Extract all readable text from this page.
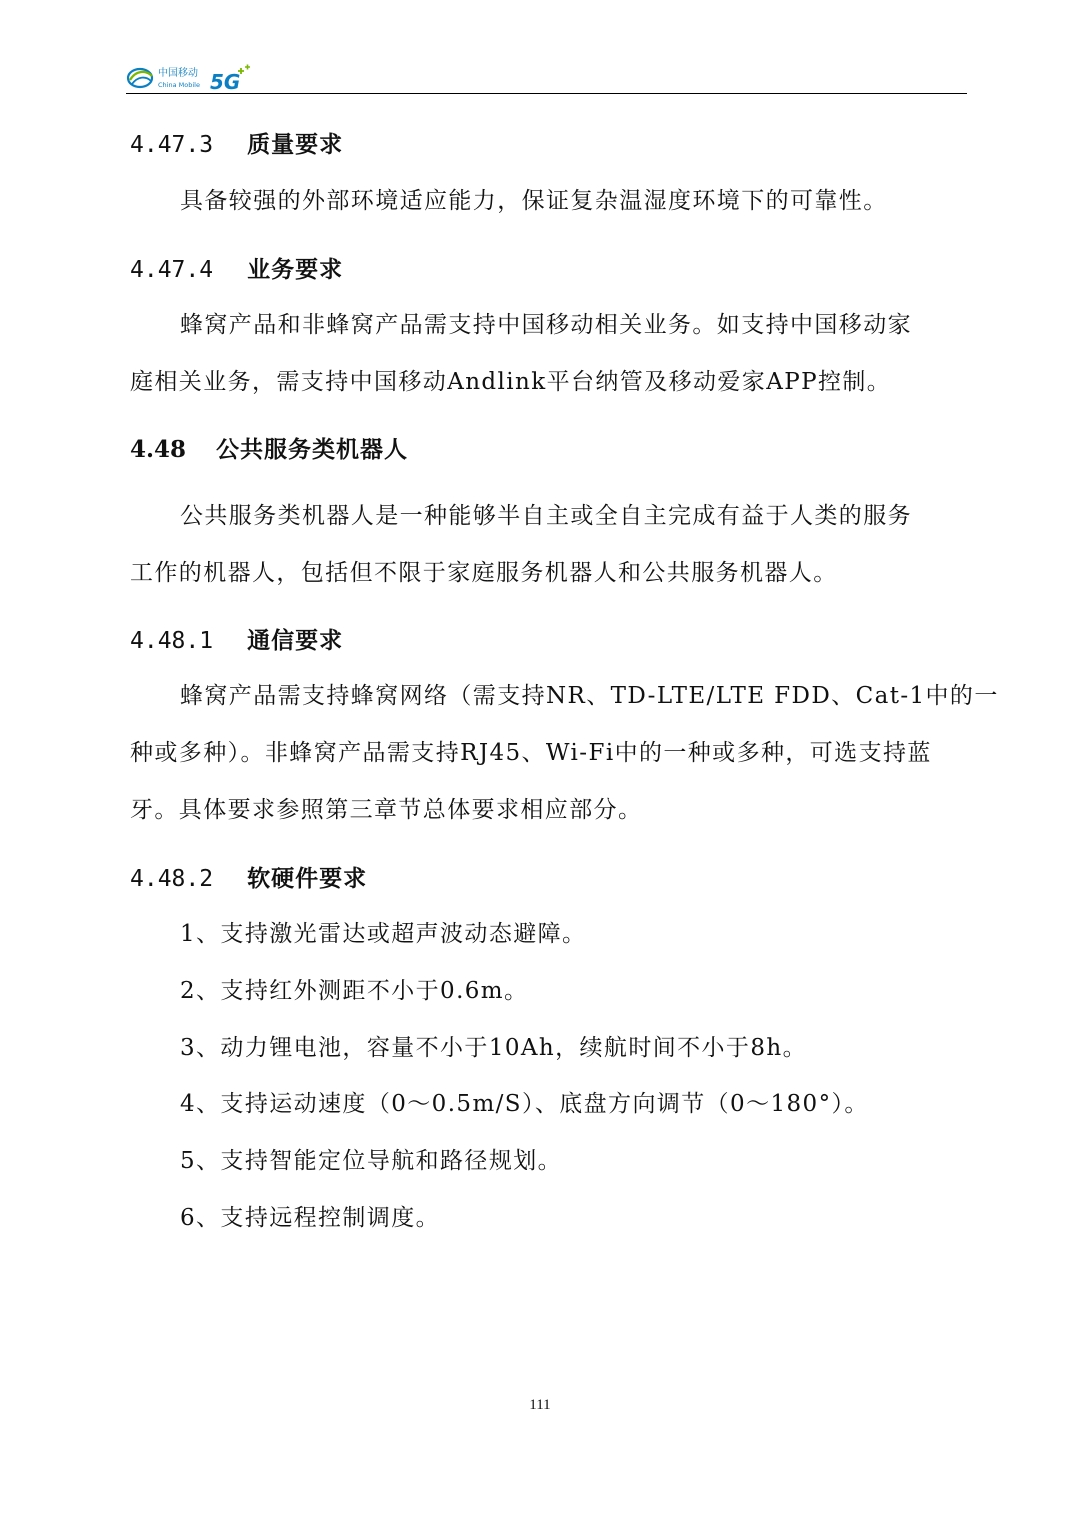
中国移动
China Mobile 5G
4.47.3 质量要求
具备较强的外部环境适应能力，保证复杂温湿度环境下的可靠性。
4.47.4 业务要求
蜂窝产品和非蜂窝产品需支持中国移动相关业务。如支持中国移动家
庭相关业务，需支持中国移动Andlink平台纳管及移动爱家APP控制。
4.48 公共服务类机器人
公共服务类机器人是一种能够半自主或全自主完成有益于人类的服务
工作的机器人，包括但不限于家庭服务机器人和公共服务机器人。
4.48.1 通信要求
蜂窝产品需支持蜂窝网络（需支持NR、TD-LTE/LTE FDD、Cat-1中的一
种或多种）。非蜂窝产品需支持RJ45、Wi-Fi中的一种或多种，可选支持蓝
牙。具体要求参照第三章节总体要求相应部分。
4.48.2 软硬件要求
1、支持激光雷达或超声波动态避障。
2、支持红外测距不小于0.6m。
3、动力锂电池，容量不小于10Ah，续航时间不小于8h。
4、支持运动速度（0～0.5m/S）、底盘方向调节（0～180°）。
5、支持智能定位导航和路径规划。
6、支持远程控制调度。
111
